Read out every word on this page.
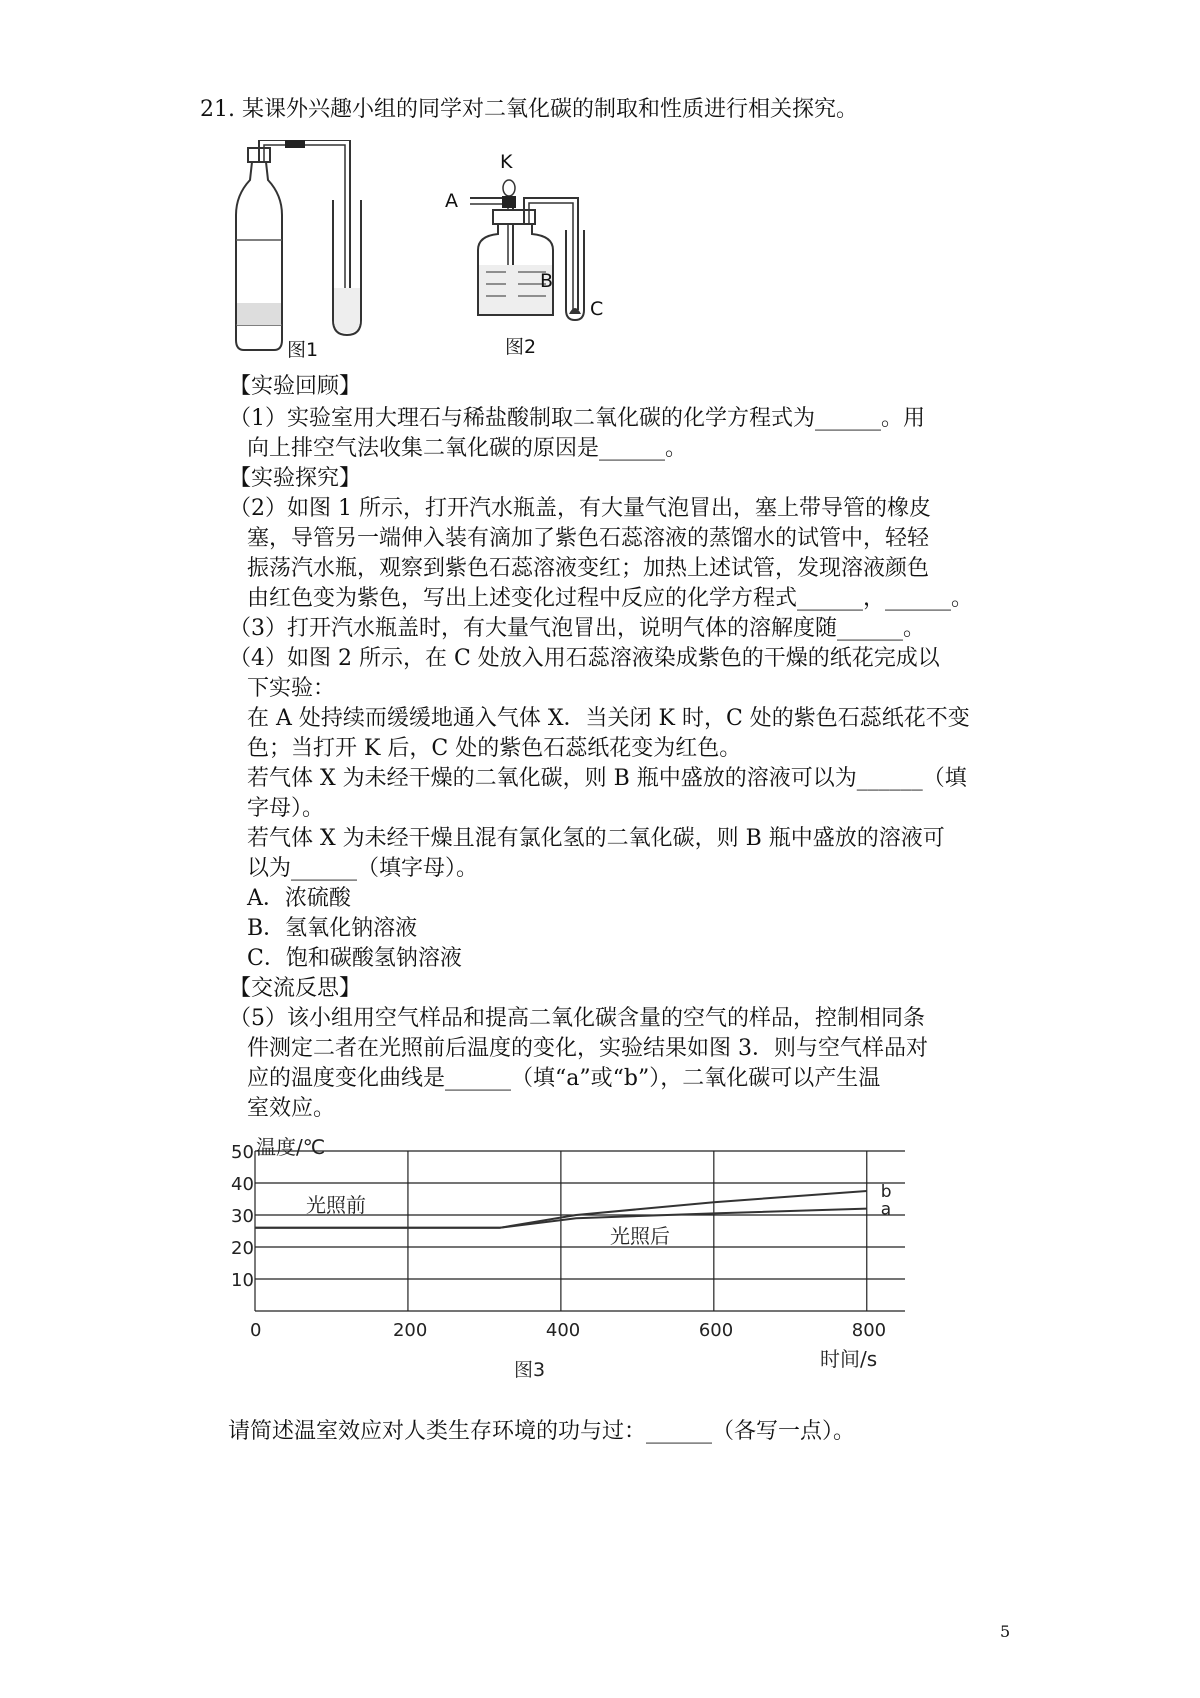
21. 某课外兴趣小组的同学对二氧化碳的制取和性质进行相关探究。
图1
K
A
B
C
图2
【实验回顾】
（1）实验室用大理石与稀盐酸制取二氧化碳的化学方程式为______。用
向上排空气法收集二氧化碳的原因是______。
【实验探究】
（2）如图 1 所示，打开汽水瓶盖，有大量气泡冒出，塞上带导管的橡皮
塞，导管另一端伸入装有滴加了紫色石蕊溶液的蒸馏水的试管中，轻轻
振荡汽水瓶，观察到紫色石蕊溶液变红；加热上述试管，发现溶液颜色
由红色变为紫色，写出上述变化过程中反应的化学方程式______，______。
（3）打开汽水瓶盖时，有大量气泡冒出，说明气体的溶解度随______。
（4）如图 2 所示，在 C 处放入用石蕊溶液染成紫色的干燥的纸花完成以
下实验：
在 A 处持续而缓缓地通入气体 X．当关闭 K 时，C 处的紫色石蕊纸花不变
色；当打开 K 后，C 处的紫色石蕊纸花变为红色。
若气体 X 为未经干燥的二氧化碳，则 B 瓶中盛放的溶液可以为______（填
字母）。
若气体 X 为未经干燥且混有氯化氢的二氧化碳，则 B 瓶中盛放的溶液可
以为______（填字母）。
A．浓硫酸
B．氢氧化钠溶液
C．饱和碳酸氢钠溶液
【交流反思】
（5）该小组用空气样品和提高二氧化碳含量的空气的样品，控制相同条
件测定二者在光照前后温度的变化，实验结果如图 3．则与空气样品对
应的温度变化曲线是______（填“a”或“b”），二氧化碳可以产生温
室效应。
温度/℃
时间/s
图3
光照前
光照后
10
20
30
40
50
0	200	400	600	800
a
b
请简述温室效应对人类生存环境的功与过：______（各写一点）。
5
